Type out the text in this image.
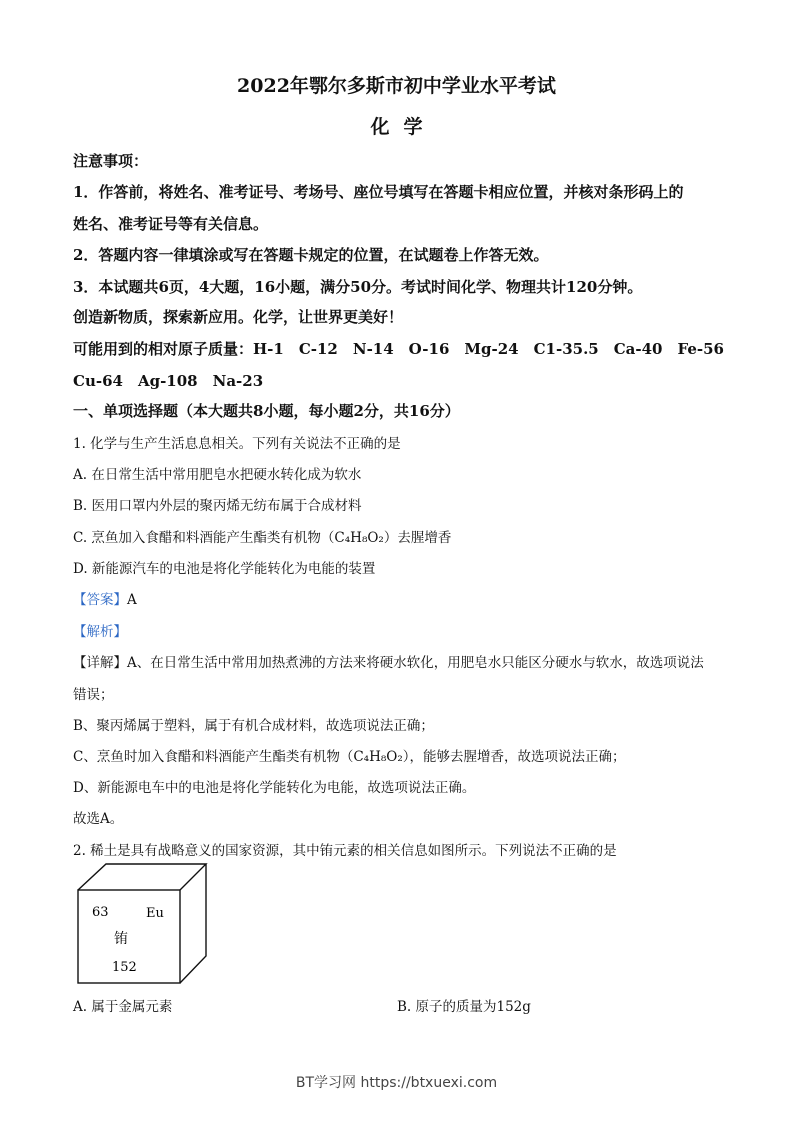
2022年鄂尔多斯市初中学业水平考试
化学
注意事项：
1．作答前，将姓名、准考证号、考场号、座位号填写在答题卡相应位置，并核对条形码上的
姓名、准考证号等有关信息。
2．答题内容一律填涂或写在答题卡规定的位置，在试题卷上作答无效。
3．本试题共6页，4大题，16小题，满分50分。考试时间化学、物理共计120分钟。
创造新物质，探索新应用。化学，让世界更美好！
可能用到的相对原子质量：H-1　C-12　N-14　O-16　Mg-24　C1-35.5　Ca-40　Fe-56
Cu-64　Ag-108　Na-23
一、单项选择题（本大题共8小题，每小题2分，共16分）
1. 化学与生产生活息息相关。下列有关说法不正确的是
A. 在日常生活中常用肥皂水把硬水转化成为软水
B. 医用口罩内外层的聚丙烯无纺布属于合成材料
C. 烹鱼加入食醋和料酒能产生酯类有机物（C₄H₈O₂）去腥增香
D. 新能源汽车的电池是将化学能转化为电能的装置
【答案】A
【解析】
【详解】A、在日常生活中常用加热煮沸的方法来将硬水软化，用肥皂水只能区分硬水与软水，故选项说法
错误；
B、聚丙烯属于塑料，属于有机合成材料，故选项说法正确；
C、烹鱼时加入食醋和料酒能产生酯类有机物（C₄H₈O₂），能够去腥增香，故选项说法正确；
D、新能源电车中的电池是将化学能转化为电能，故选项说法正确。
故选A。
2. 稀土是具有战略意义的国家资源，其中铕元素的相关信息如图所示。下列说法不正确的是
63	Eu
铕
152
A. 属于金属元素	B. 原子的质量为152g
BT学习网 https://btxuexi.com
